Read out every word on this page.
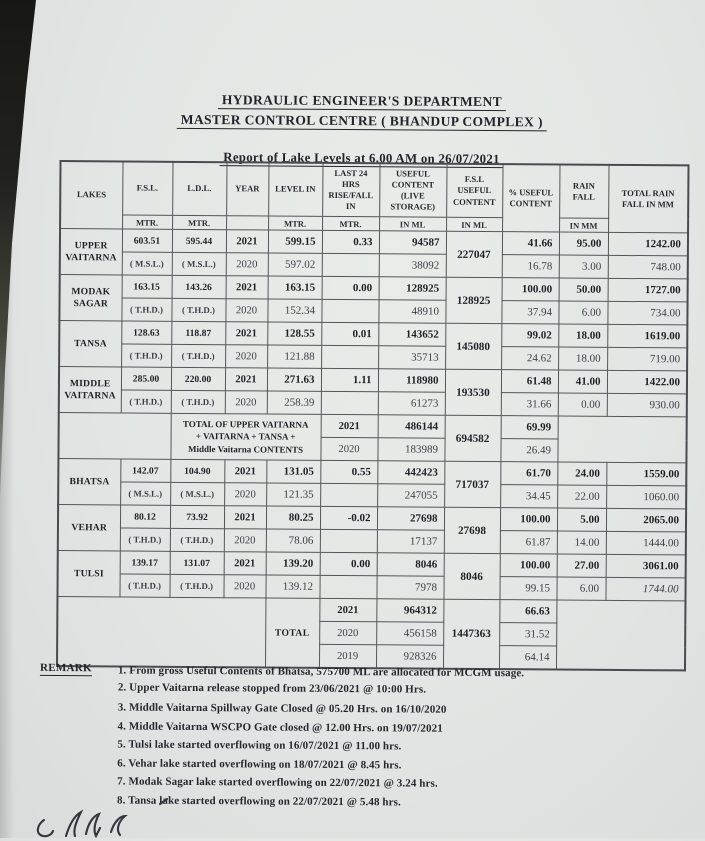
HYDRAULIC ENGINEER'S DEPARTMENT
MASTER CONTROL CENTRE ( BHANDUP COMPLEX )
Report of Lake Levels at 6.00 AM on 26/07/2021
LAKES	F.S.L.	L.D.L.	YEAR	LEVEL IN	LAST 24 HRS RISE/FALL IN	USEFUL CONTENT (LIVE STORAGE)	F.S.L USEFUL CONTENT	% USEFUL CONTENT	RAIN FALL	TOTAL RAIN FALL IN MM
	MTR.	MTR.		MTR.	MTR.	IN ML	IN ML		IN MM	
UPPER VAITARNA	603.51	595.44	2021	599.15	0.33	94587	227047	41.66	95.00	1242.00
	( M.S.L.)	( M.S.L.)	2020	597.02		38092		16.78	3.00	748.00
MODAK SAGAR	163.15	143.26	2021	163.15	0.00	128925	128925	100.00	50.00	1727.00
	( T.H.D.)	( T.H.D.)	2020	152.34		48910		37.94	6.00	734.00
TANSA	128.63	118.87	2021	128.55	0.01	143652	145080	99.02	18.00	1619.00
	( T.H.D.)	( T.H.D.)	2020	121.88		35713		24.62	18.00	719.00
MIDDLE VAITARNA	285.00	220.00	2021	271.63	1.11	118980	193530	61.48	41.00	1422.00
	( T.H.D.)	( T.H.D.)	2020	258.39		61273		31.66	0.00	930.00

		TOTAL OF UPPER VAITARNA
+ VAITARNA + TANSA +
Middle Vaitarna CONTENTS			2021	486144	694582	69.99		
					2020	183989		26.49		
BHATSA	142.07	104.90	2021	131.05	0.55	442423	717037	61.70	24.00	1559.00
	( M.S.L.)	( M.S.L.)	2020	121.35		247055		34.45	22.00	1060.00
VEHAR	80.12	73.92	2021	80.25	-0.02	27698	27698	100.00	5.00	2065.00
	( T.H.D.)	( T.H.D.)	2020	78.06		17137		61.87	14.00	1444.00
TULSI	139.17	131.07	2021	139.20	0.00	8046	8046	100.00	27.00	3061.00
	( T.H.D.)	( T.H.D.)	2020	139.12		7978		99.15	6.00	1744.00
				TOTAL	2021	964312	1447363	66.63		
					2020	456158		31.52		
					2019	928326		64.14		
REMARK 1. From gross Useful Contents of Bhatsa, 575700 ML are allocated for MCGM usage.
2. Upper Vaitarna release stopped from 23/06/2021 @ 10:00 Hrs.
3. Middle Vaitarna Spillway Gate Closed @ 05.20 Hrs. on 16/10/2020
4. Middle Vaitarna WSCPO Gate closed @ 12.00 Hrs. on 19/07/2021
5. Tulsi lake started overflowing on 16/07/2021 @ 11.00 hrs.
6. Vehar lake started overflowing on 18/07/2021 @ 8.45 hrs.
7. Modak Sagar lake started overflowing on 22/07/2021 @ 3.24 hrs.
8. Tansa lake started overflowing on 22/07/2021 @ 5.48 hrs.
